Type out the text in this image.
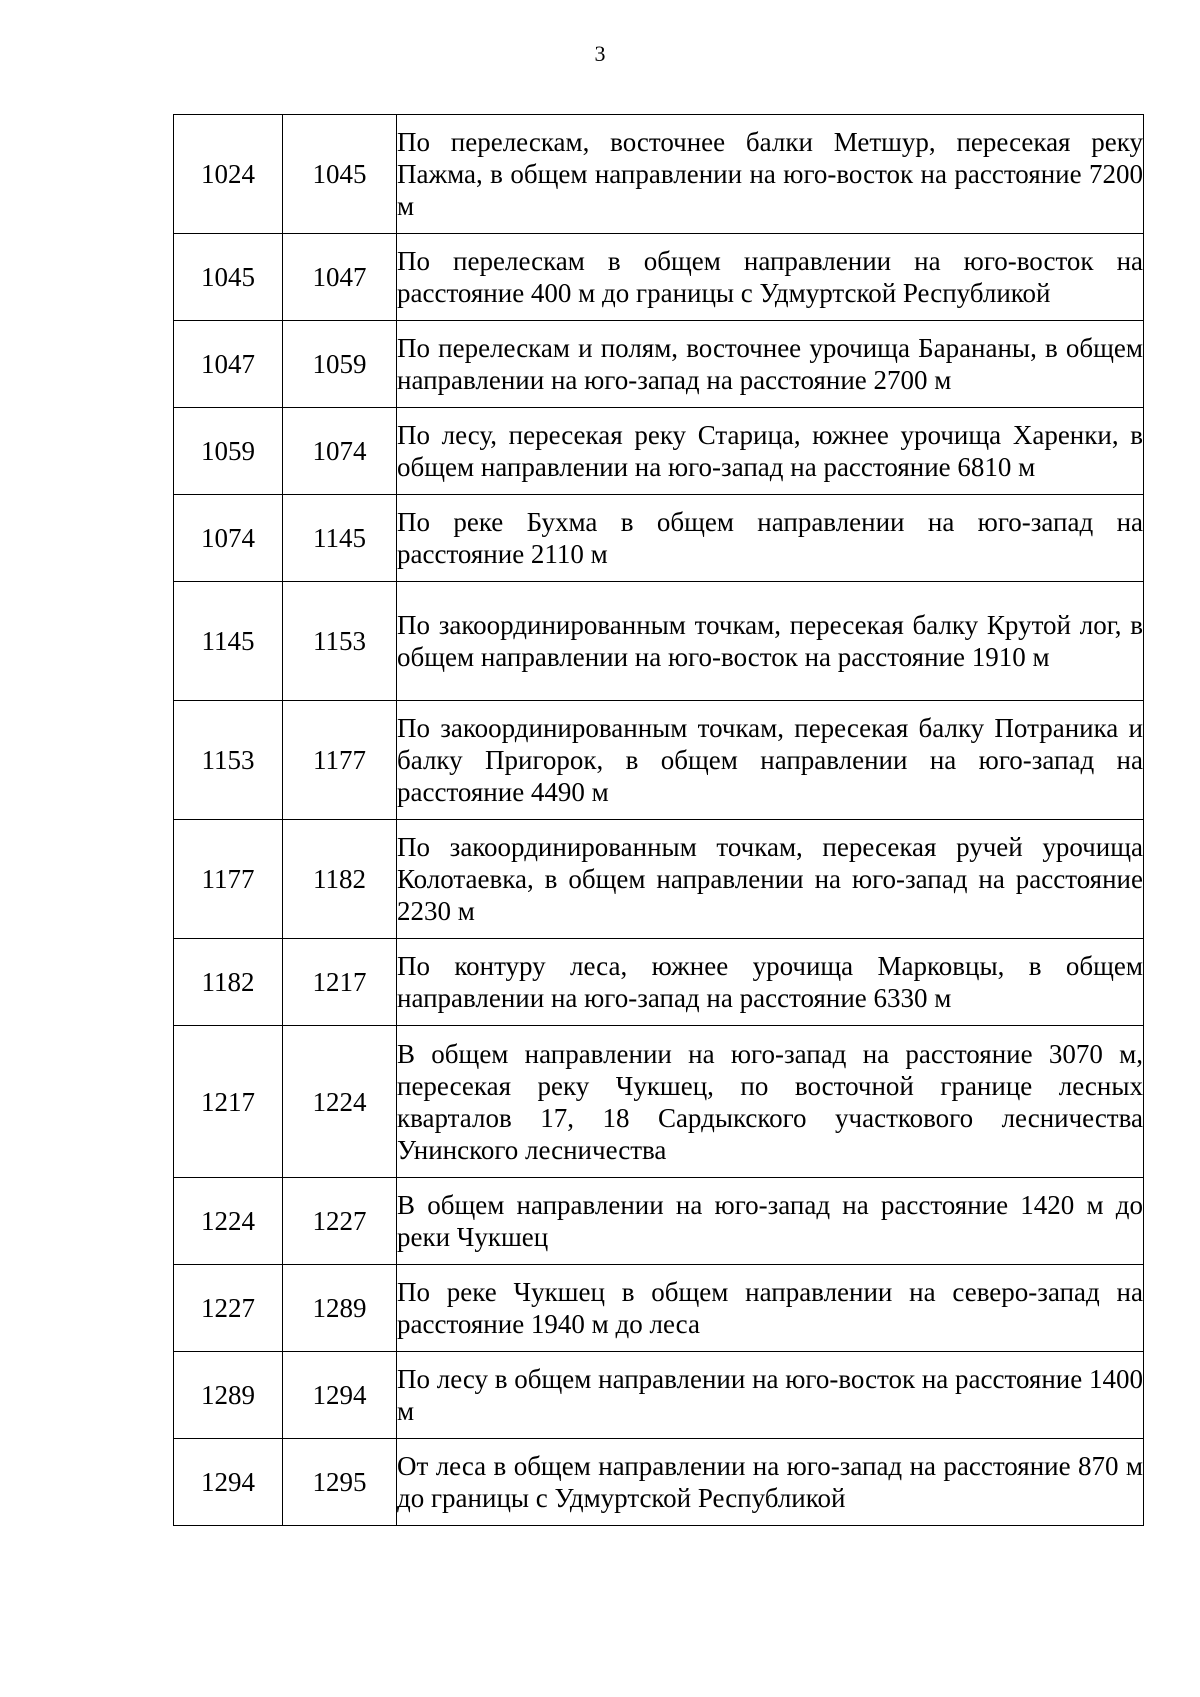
3
1024	1045	По перелескам, восточнее балки Метшур, пересекая реку Пажма, в общем направлении на юго-восток на расстояние 7200 м
1045	1047	По перелескам в общем направлении на юго-восток на расстояние 400 м до границы с Удмуртской Республикой
1047	1059	По перелескам и полям, восточнее урочища Барананы, в общем направлении на юго-запад на расстояние 2700 м
1059	1074	По лесу, пересекая реку Старица, южнее урочища Харенки, в общем направлении на юго-запад на расстояние 6810 м
1074	1145	По реке Бухма в общем направлении на юго-запад на расстояние 2110 м
1145	1153	По закоординированным точкам, пересекая балку Крутой лог, в общем направлении на юго-восток на расстояние 1910 м
1153	1177	По закоординированным точкам, пересекая балку Потраника и балку Пригорок, в общем направлении на юго-запад на расстояние 4490 м
1177	1182	По закоординированным точкам, пересекая ручей урочища Колотаевка, в общем направлении на юго-запад на расстояние 2230 м
1182	1217	По контуру леса, южнее урочища Марковцы, в общем направлении на юго-запад на расстояние 6330 м
1217	1224	В общем направлении на юго-запад на расстояние 3070 м, пересекая реку Чукшец, по восточной границе лесных кварталов 17, 18 Сардыкского участкового лесничества Унинского лесничества
1224	1227	В общем направлении на юго-запад на расстояние 1420 м до реки Чукшец
1227	1289	По реке Чукшец в общем направлении на северо-запад на расстояние 1940 м до леса
1289	1294	По лесу в общем направлении на юго-восток на расстояние 1400 м
1294	1295	От леса в общем направлении на юго-запад на расстояние 870 м до границы с Удмуртской Республикой
